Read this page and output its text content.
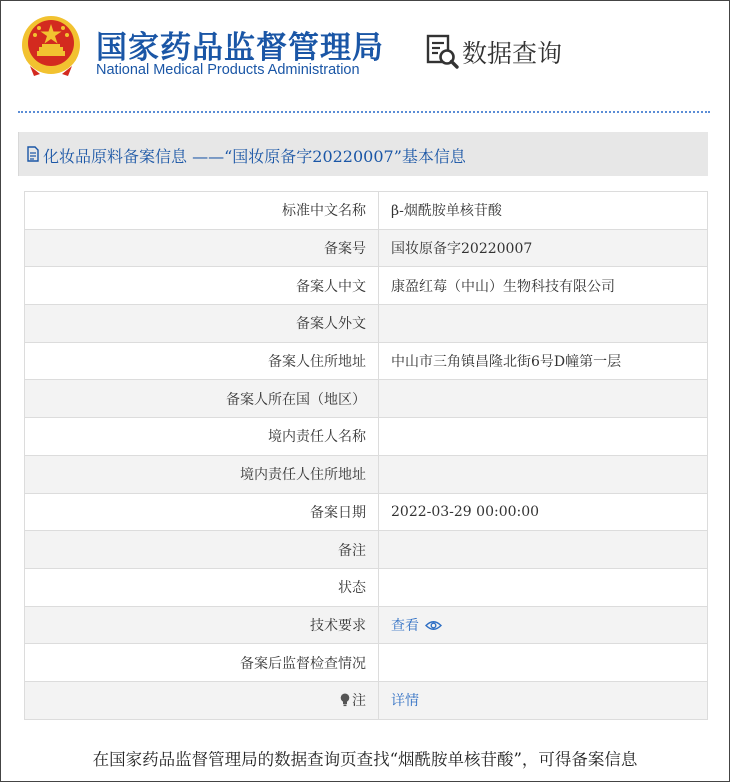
国家药品监督管理局
National Medical Products Administration
数据查询
化妆品原料备案信息 ——“国妆原备字20220007”基本信息
标准中文名称	β-烟酰胺单核苷酸
备案号	国妆原备字20220007
备案人中文	康盈红莓（中山）生物科技有限公司
备案人外文	
备案人住所地址	中山市三角镇昌隆北街6号D幢第一层
备案人所在国（地区）	
境内责任人名称	
境内责任人住所地址	
备案日期	2022-03-29 00:00:00
备注	
状态	
技术要求	查看
备案后监督检查情况	
注	详情
在国家药品监督管理局的数据查询页查找“烟酰胺单核苷酸”，可得备案信息
